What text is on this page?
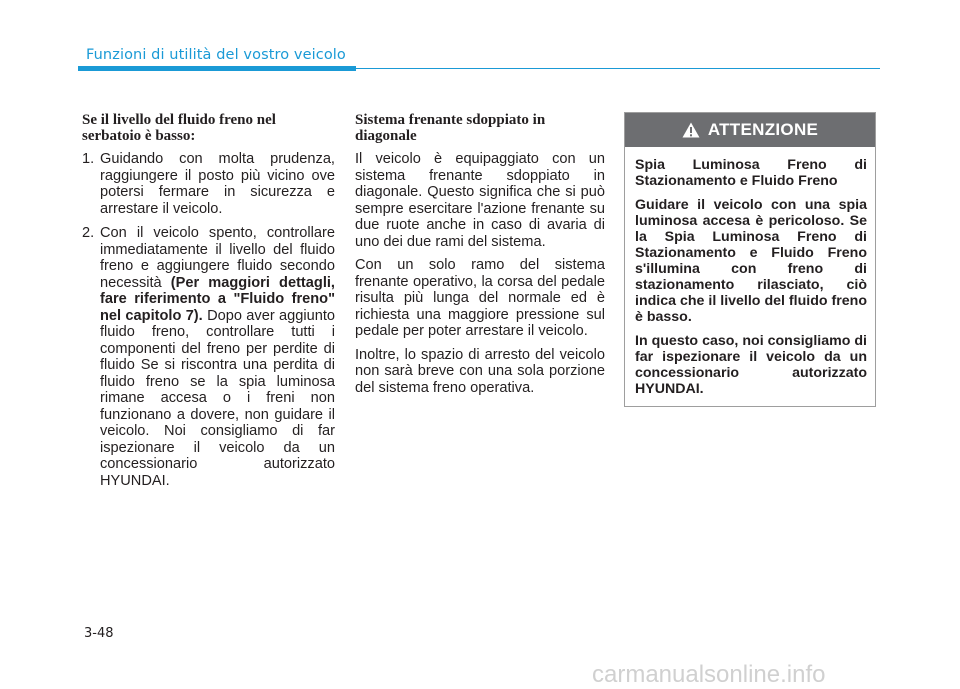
Funzioni di utilità del vostro veicolo
Se il livello del fluido freno nel
serbatoio è basso:
1. Guidando con molta prudenza, raggiungere il posto più vicino ove potersi fermare in sicurezza e arrestare il veicolo.
2. Con il veicolo spento, controllare immediatamente il livello del fluido freno e aggiungere fluido secondo necessità (Per maggiori dettagli, fare riferimento a "Fluido freno" nel capitolo 7). Dopo aver aggiunto fluido freno, controllare tutti i componenti del freno per perdite di fluido Se si riscontra una perdita di fluido freno se la spia luminosa rimane accesa o i freni non funzionano a dovere, non guidare il veicolo. Noi consigliamo di far ispezionare il veicolo da un concessionario autorizzato HYUNDAI.
Sistema frenante sdoppiato in
diagonale

Il veicolo è equipaggiato con un sistema frenante sdoppiato in diagonale. Questo significa che si può sempre esercitare l'azione frenante su due ruote anche in caso di avaria di uno dei due rami del sistema.

Con un solo ramo del sistema frenante operativo, la corsa del pedale risulta più lunga del normale ed è richiesta una maggiore pressione sul pedale per poter arrestare il veicolo.

Inoltre, lo spazio di arresto del veicolo non sarà breve con una sola porzione del sistema freno operativa.

ATTENZIONE

Spia Luminosa Freno di Stazionamento e Fluido Freno

Guidare il veicolo con una spia luminosa accesa è pericoloso. Se la Spia Luminosa Freno di Stazionamento e Fluido Freno s'illumina con freno di stazionamento rilasciato, ciò indica che il livello del fluido freno è basso.

In questo caso, noi consigliamo di far ispezionare il veicolo da un concessionario autorizzato HYUNDAI.

3-48
carmanualsonline.info
